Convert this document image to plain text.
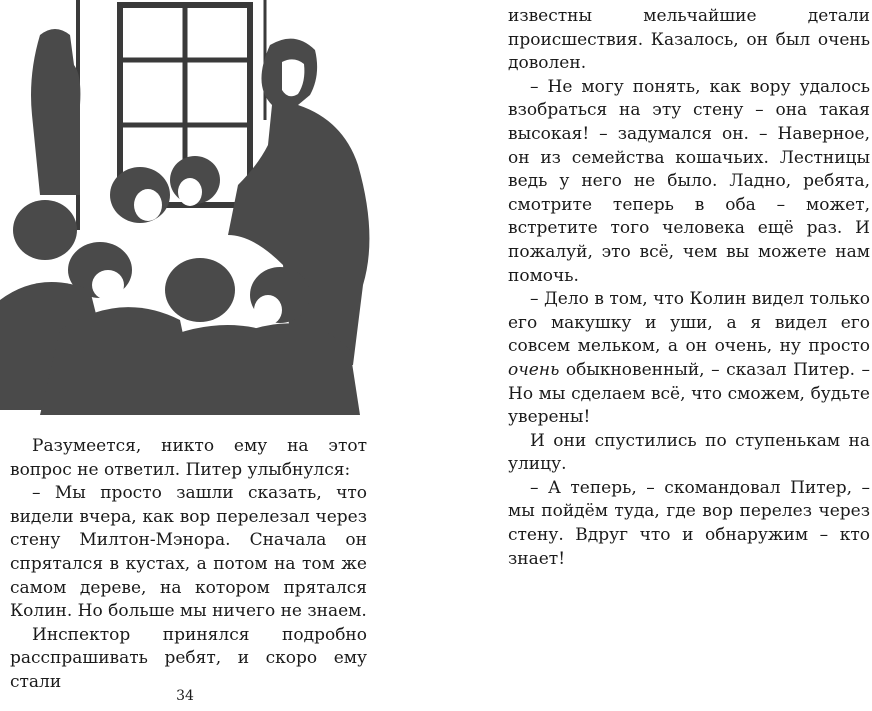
Разумеется, никто ему на этот вопрос не ответил. Питер улыбнулся:

– Мы просто зашли сказать, что видели вчера, как вор перелезал через стену Милтон-Мэнора. Сначала он спрятался в кустах, а потом на том же самом дереве, на котором прятался Колин. Но больше мы ничего не знаем.

Инспектор принялся подробно расспрашивать ребят, и скоро ему стали

известны мельчайшие детали происшествия. Казалось, он был очень доволен.

– Не могу понять, как вору удалось взобраться на эту стену – она такая высокая! – задумался он. – Наверное, он из семейства кошачьих. Лестницы ведь у него не было. Ладно, ребята, смотрите теперь в оба – может, встретите того человека ещё раз. И пожалуй, это всё, чем вы можете нам помочь.

– Дело в том, что Колин видел только его макушку и уши, а я видел его совсем мельком, а он очень, ну просто очень обыкновенный, – сказал Питер. – Но мы сделаем всё, что сможем, будьте уверены!

И они спустились по ступенькам на улицу.

– А теперь, – скомандовал Питер, – мы пойдём туда, где вор перелез через стену. Вдруг что и обнаружим – кто знает!

34
